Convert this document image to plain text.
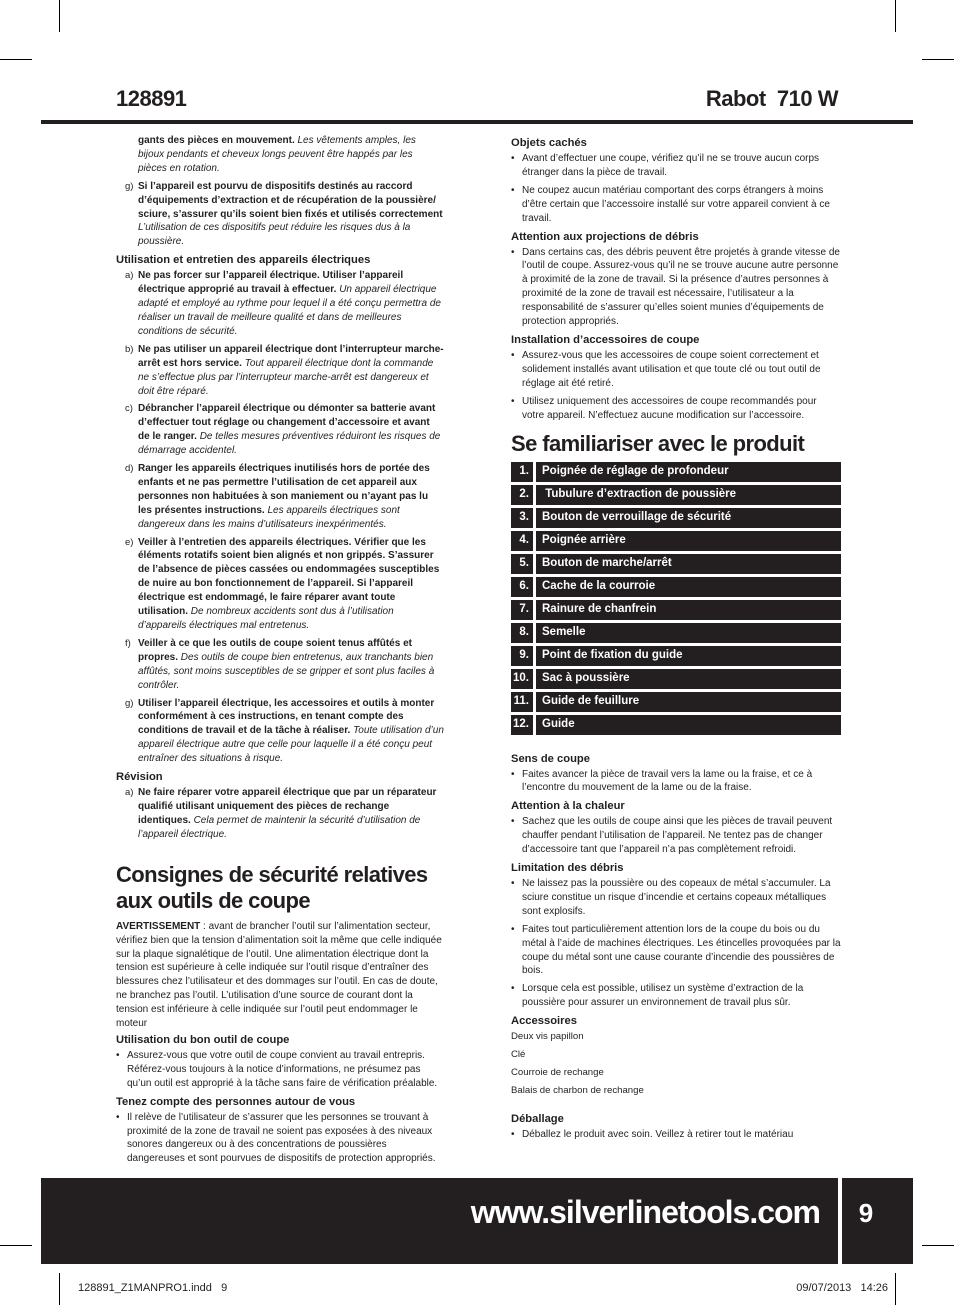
128891	Rabot  710 W
gants des pièces en mouvement. Les vêtements amples, les bijoux pendants et cheveux longs peuvent être happés par les pièces en rotation.
g) Si l’appareil est pourvu de dispositifs destinés au raccord d’équipements d’extraction et de récupération de la poussière/ sciure, s’assurer qu’ils soient bien fixés et utilisés correctement L’utilisation de ces dispositifs peut réduire les risques dus à la poussière.
Utilisation et entretien des appareils électriques
a) Ne pas forcer sur l’appareil électrique. Utiliser l’appareil électrique approprié au travail à effectuer. Un appareil électrique adapté et employé au rythme pour lequel il a été conçu permettra de réaliser un travail de meilleure qualité et dans de meilleures conditions de sécurité.
b) Ne pas utiliser un appareil électrique dont l’interrupteur marche-arrêt est hors service. Tout appareil électrique dont la commande ne s’effectue plus par l’interrupteur marche-arrêt est dangereux et doit être réparé.
c) Débrancher l’appareil électrique ou démonter sa batterie avant d’effectuer tout réglage ou changement d’accessoire et avant de le ranger. De telles mesures préventives réduiront les risques de démarrage accidentel.
d) Ranger les appareils électriques inutilisés hors de portée des enfants et ne pas permettre l’utilisation de cet appareil aux personnes non habituées à son maniement ou n’ayant pas lu les présentes instructions. Les appareils électriques sont dangereux dans les mains d’utilisateurs inexpérimentés.
e) Veiller à l’entretien des appareils électriques. Vérifier que les éléments rotatifs soient bien alignés et non grippés. S’assurer de l’absence de pièces cassées ou endommagées susceptibles de nuire au bon fonctionnement de l’appareil. Si l’appareil électrique est endommagé, le faire réparer avant toute utilisation. De nombreux accidents sont dus à l’utilisation d’appareils électriques mal entretenus.
f) Veiller à ce que les outils de coupe soient tenus affûtés et propres. Des outils de coupe bien entretenus, aux tranchants bien affûtés, sont moins susceptibles de se gripper et sont plus faciles à contrôler.
g) Utiliser l’appareil électrique, les accessoires et outils à monter conformément à ces instructions, en tenant compte des conditions de travail et de la tâche à réaliser. Toute utilisation d’un appareil électrique autre que celle pour laquelle il a été conçu peut entraîner des situations à risque.
Révision
a) Ne faire réparer votre appareil électrique que par un réparateur qualifié utilisant uniquement des pièces de rechange identiques. Cela permet de maintenir la sécurité d’utilisation de l’appareil électrique.
Consignes de sécurité relatives aux outils de coupe
AVERTISSEMENT : avant de brancher l’outil sur l’alimentation secteur, vérifiez bien que la tension d’alimentation soit la même que celle indiquée sur la plaque signalétique de l’outil. Une alimentation électrique dont la tension est supérieure à celle indiquée sur l’outil risque d’entraîner des blessures chez l’utilisateur et des dommages sur l’outil. En cas de doute, ne branchez pas l’outil. L’utilisation d’une source de courant dont la tension est inférieure à celle indiquée sur l’outil peut endommager le moteur
Utilisation du bon outil de coupe
• Assurez-vous que votre outil de coupe convient au travail entrepris. Référez-vous toujours à la notice d’informations, ne présumez pas qu’un outil est approprié à la tâche sans faire de vérification préalable.
Tenez compte des personnes autour de vous
• Il relève de l’utilisateur de s’assurer que les personnes se trouvant à proximité de la zone de travail ne soient pas exposées à des niveaux sonores dangereux ou à des concentrations de poussières dangereuses et sont pourvues de dispositifs de protection appropriés.
Objets cachés
• Avant d’effectuer une coupe, vérifiez qu’il ne se trouve aucun corps étranger dans la pièce de travail.
• Ne coupez aucun matériau comportant des corps étrangers à moins d’être certain que l’accessoire installé sur votre appareil convient à ce travail.
Attention aux projections de débris
• Dans certains cas, des débris peuvent être projetés à grande vitesse de l’outil de coupe. Assurez-vous qu’il ne se trouve aucune autre personne à proximité de la zone de travail. Si la présence d’autres personnes à proximité de la zone de travail est nécessaire, l’utilisateur a la responsabilité de s’assurer qu’elles soient munies d’équipements de protection appropriés.
Installation d’accessoires de coupe
• Assurez-vous que les accessoires de coupe soient correctement et solidement installés avant utilisation et que toute clé ou tout outil de réglage ait été retiré.
• Utilisez uniquement des accessoires de coupe recommandés pour votre appareil. N’effectuez aucune modification sur l’accessoire.
Se familiariser avec le produit
1.	Poignée de réglage de profondeur
2.	Tubulure d’extraction de poussière
3.	Bouton de verrouillage de sécurité
4.	Poignée arrière
5.	Bouton de marche/arrêt
6.	Cache de la courroie
7.	Rainure de chanfrein
8.	Semelle
9.	Point de fixation du guide
10.	Sac à poussière
11.	Guide de feuillure
12.	Guide
Sens de coupe
• Faites avancer la pièce de travail vers la lame ou la fraise, et ce à l’encontre du mouvement de la lame ou de la fraise.
Attention à la chaleur
• Sachez que les outils de coupe ainsi que les pièces de travail peuvent chauffer pendant l’utilisation de l’appareil. Ne tentez pas de changer d’accessoire tant que l’appareil n’a pas complètement refroidi.
Limitation des débris
• Ne laissez pas la poussière ou des copeaux de métal s’accumuler. La sciure constitue un risque d’incendie et certains copeaux métalliques sont explosifs.
• Faites tout particulièrement attention lors de la coupe du bois ou du métal à l’aide de machines électriques. Les étincelles provoquées par la coupe du métal sont une cause courante d’incendie des poussières de bois.
• Lorsque cela est possible, utilisez un système d’extraction de la poussière pour assurer un environnement de travail plus sûr.
Accessoires
Deux vis papillon
Clé
Courroie de rechange
Balais de charbon de rechange
Déballage
• Déballez le produit avec soin. Veillez à retirer tout le matériau
www.silverlinetools.com	9
128891_Z1MANPRO1.indd   9	09/07/2013   14:26
